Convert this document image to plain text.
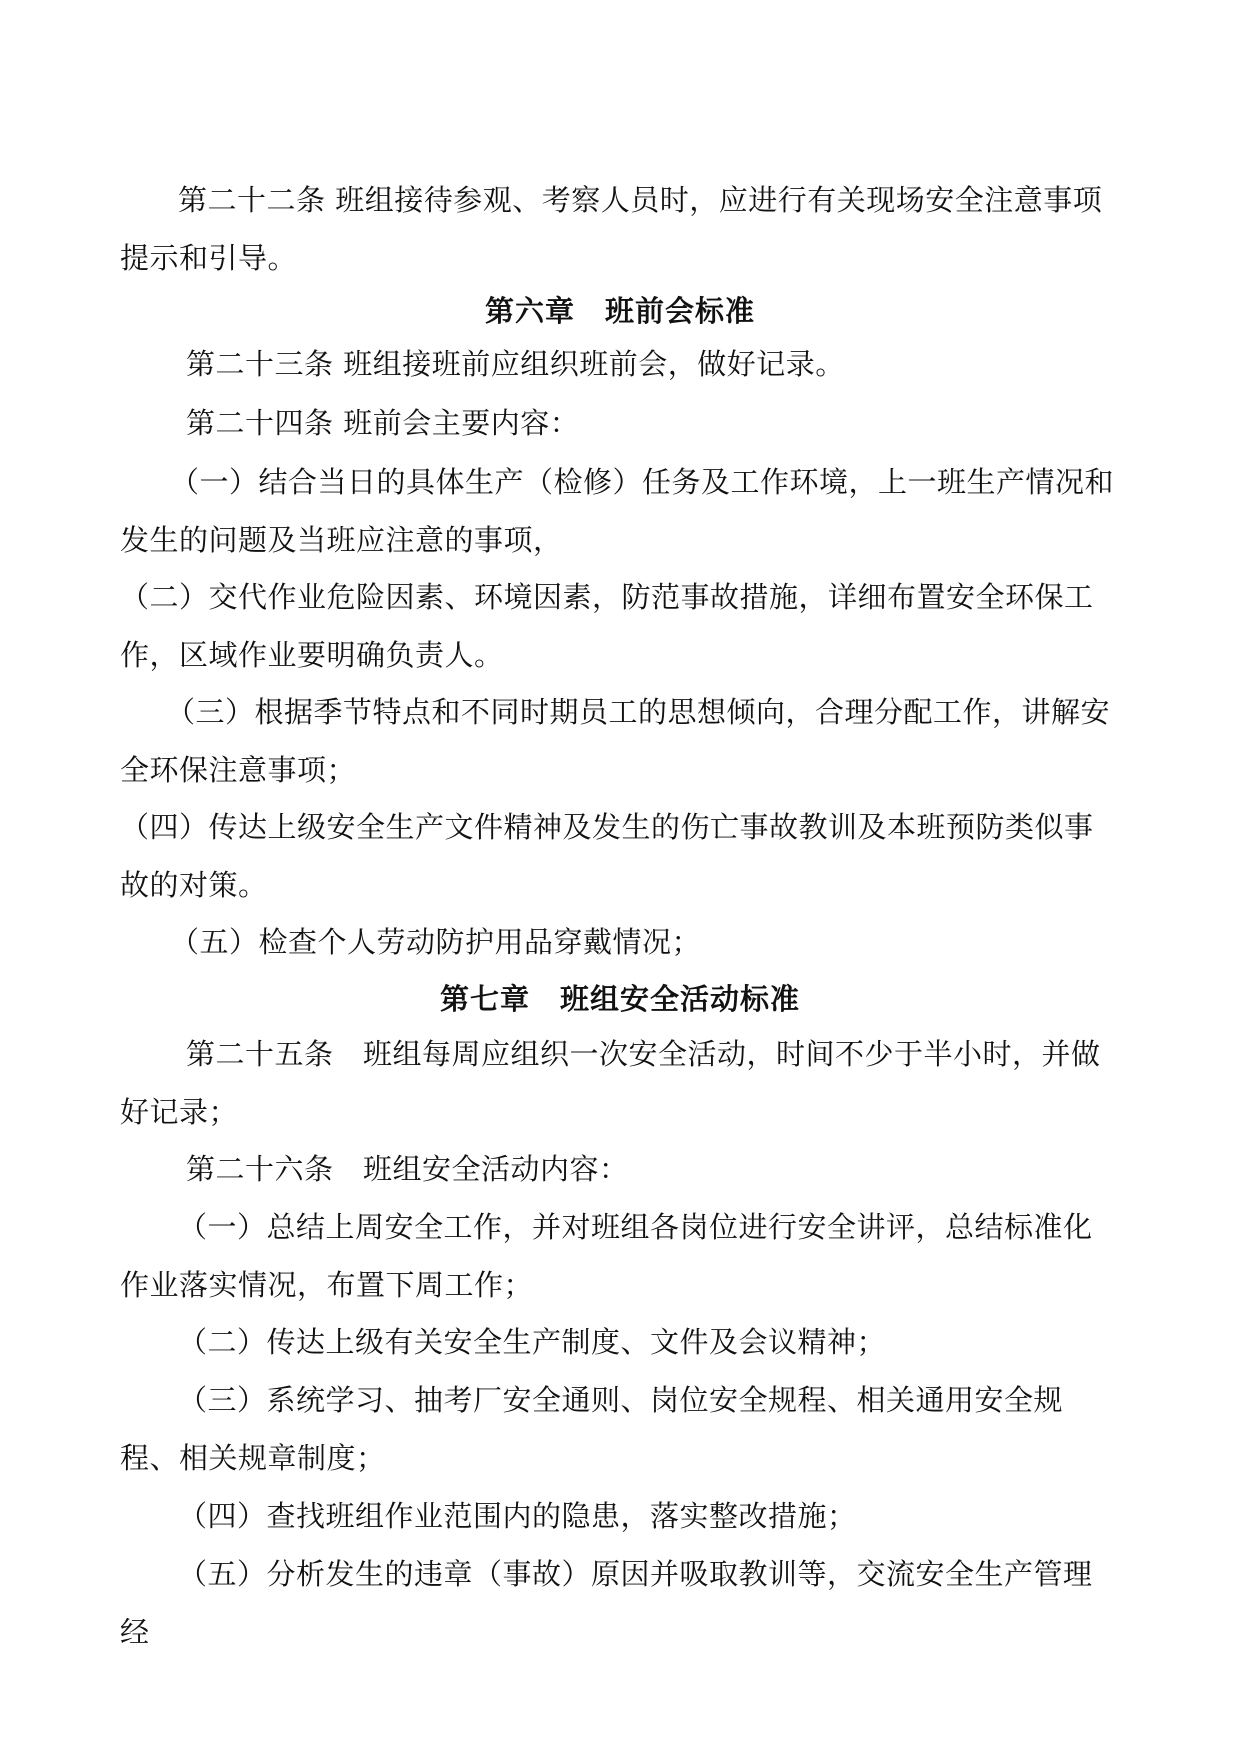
第二十二条 班组接待参观、考察人员时，应进行有关现场安全注意事项提示和引导。

第六章　班前会标准

第二十三条 班组接班前应组织班前会，做好记录。

第二十四条 班前会主要内容：

（一）结合当日的具体生产（检修）任务及工作环境，上一班生产情况和发生的问题及当班应注意的事项，

（二）交代作业危险因素、环境因素，防范事故措施，详细布置安全环保工作，区域作业要明确负责人。

（三）根据季节特点和不同时期员工的思想倾向，合理分配工作，讲解安全环保注意事项；

（四）传达上级安全生产文件精神及发生的伤亡事故教训及本班预防类似事故的对策。

（五）检查个人劳动防护用品穿戴情况；

第七章　班组安全活动标准

第二十五条　班组每周应组织一次安全活动，时间不少于半小时，并做好记录；

第二十六条　班组安全活动内容：

（一）总结上周安全工作，并对班组各岗位进行安全讲评，总结标准化作业落实情况，布置下周工作；

（二）传达上级有关安全生产制度、文件及会议精神；

（三）系统学习、抽考厂安全通则、岗位安全规程、相关通用安全规程、相关规章制度；

（四）查找班组作业范围内的隐患，落实整改措施；

（五）分析发生的违章（事故）原因并吸取教训等，交流安全生产管理经
